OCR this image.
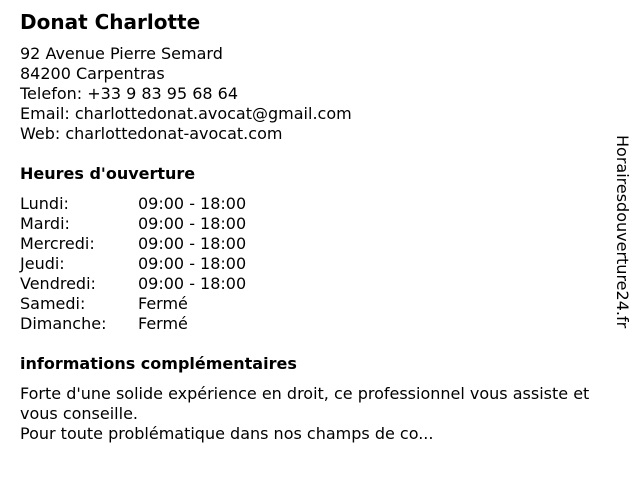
Donat Charlotte
92 Avenue Pierre Semard
84200 Carpentras
Telefon: +33 9 83 95 68 64
Email: charlottedonat.avocat@gmail.com
Web: charlottedonat-avocat.com
Heures d'ouverture
Lundi:	09:00 - 18:00
Mardi:	09:00 - 18:00
Mercredi:	09:00 - 18:00
Jeudi:	09:00 - 18:00
Vendredi:	09:00 - 18:00
Samedi:	Fermé
Dimanche:	Fermé
informations complémentaires
Forte d'une solide expérience en droit, ce professionnel vous assiste et vous conseille.
Pour toute problématique dans nos champs de co...
Horairesdouverture24.fr
